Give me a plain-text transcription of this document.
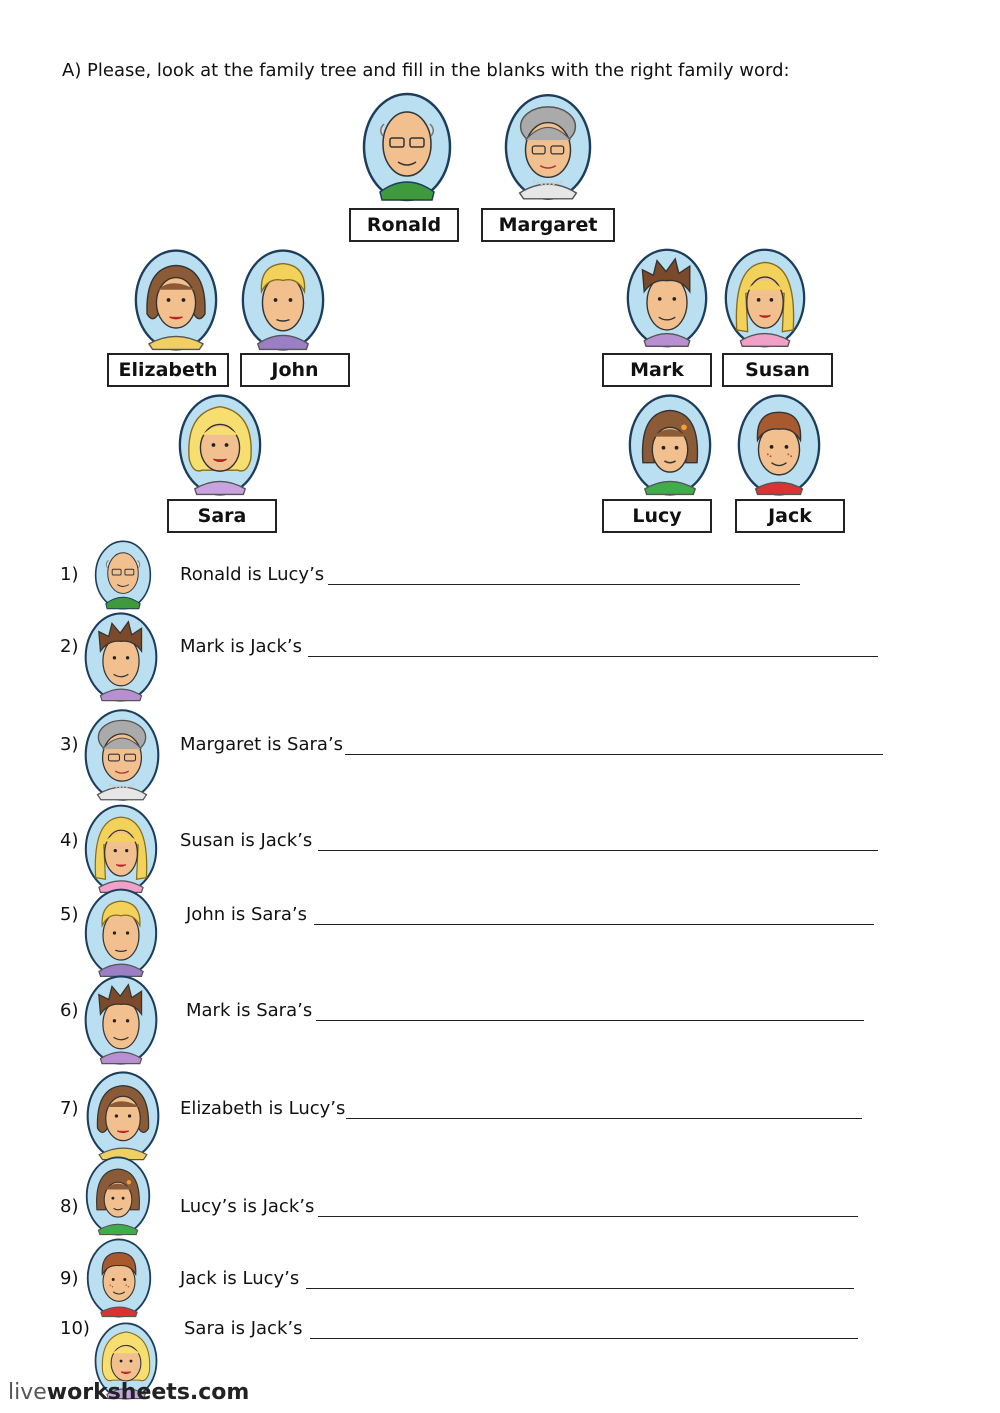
A) Please, look at the family tree and fill in the blanks with the right family word:
Ronald	Margaret
Elizabeth	John	Mark	Susan
Sara	Lucy	Jack
1)	Ronald is Lucy’s
2)	Mark is Jack’s
3)	Margaret is Sara’s
4)	Susan is Jack’s
5)	John is Sara’s
6)	Mark is Sara’s
7)	Elizabeth is Lucy’s
8)	Lucy’s is Jack’s
9)	Jack is Lucy’s
10)	Sara is Jack’s
liveworksheets.com
